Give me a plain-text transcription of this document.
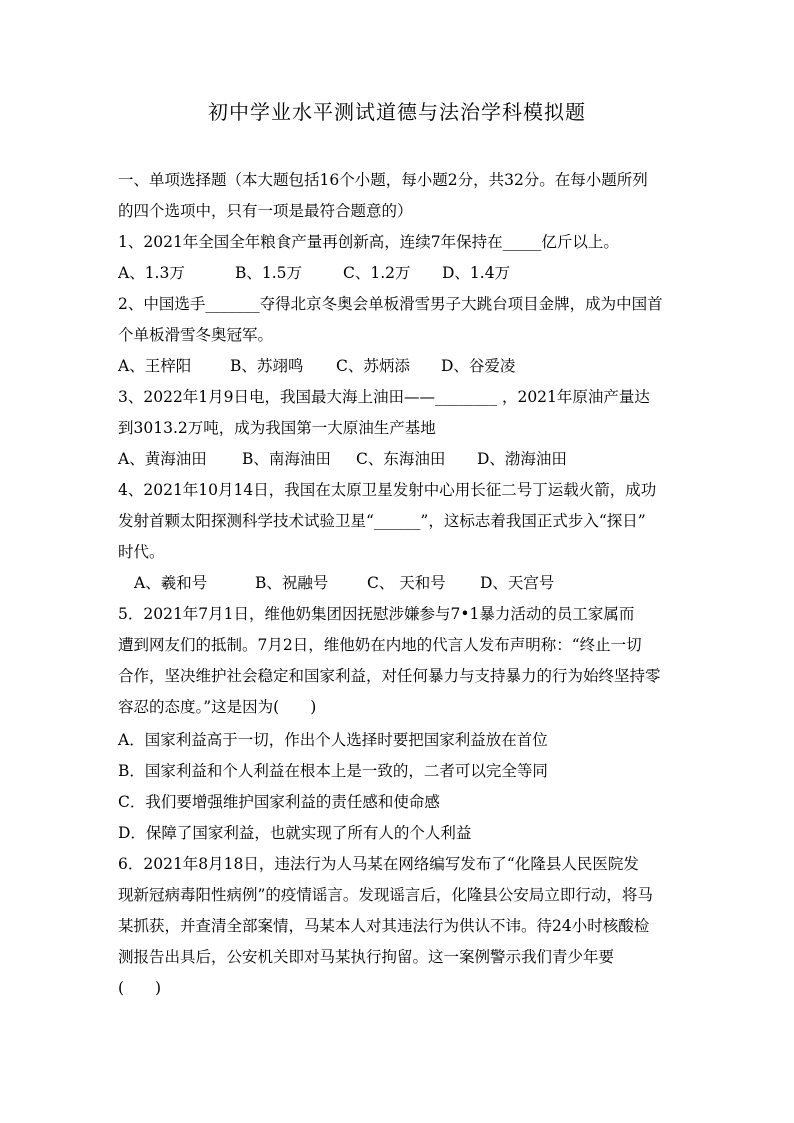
初中学业水平测试道德与法治学科模拟题
一、单项选择题（本大题包括16个小题，每小题2分，共32分。在每小题所列
的四个选项中，只有一项是最符合题意的）
1、2021年全国全年粮食产量再创新高，连续7年保持在_____亿斤以上。
A、1.3万	B、1.5万	C、1.2万 D、1.4万
2、中国选手_______夺得北京冬奥会单板滑雪男子大跳台项目金牌，成为中国首
个单板滑雪冬奥冠军。
A、王梓阳	B、苏翊鸣 C、苏炳添 D、谷爱凌
3、2022年1月9日电，我国最大海上油田——________ ，2021年原油产量达
到3013.2万吨，成为我国第一大原油生产基地
A、黄海油田 B、南海油田 C、东海油田 D、渤海油田
4、2021年10月14日，我国在太原卫星发射中心用长征二号丁运载火箭，成功
发射首颗太阳探测科学技术试验卫星“______”，这标志着我国正式步入“探日”
时代。
A、羲和号	B、祝融号 C、 天和号 D、天宫号
5．2021年7月1日，维他奶集团因抚慰涉嫌参与7•1暴力活动的员工家属而
遭到网友们的抵制。7月2日，维他奶在内地的代言人发布声明称：“终止一切
合作，坚决维护社会稳定和国家利益，对任何暴力与支持暴力的行为始终坚持零
容忍的态度。”这是因为(　　)
A．国家利益高于一切，作出个人选择时要把国家利益放在首位
B．国家利益和个人利益在根本上是一致的，二者可以完全等同
C．我们要增强维护国家利益的责任感和使命感
D．保障了国家利益，也就实现了所有人的个人利益
6．2021年8月18日，违法行为人马某在网络编写发布了“化隆县人民医院发
现新冠病毒阳性病例”的疫情谣言。发现谣言后，化隆县公安局立即行动，将马
某抓获，并查清全部案情，马某本人对其违法行为供认不讳。待24小时核酸检
测报告出具后，公安机关即对马某执行拘留。这一案例警示我们青少年要
(　　)
